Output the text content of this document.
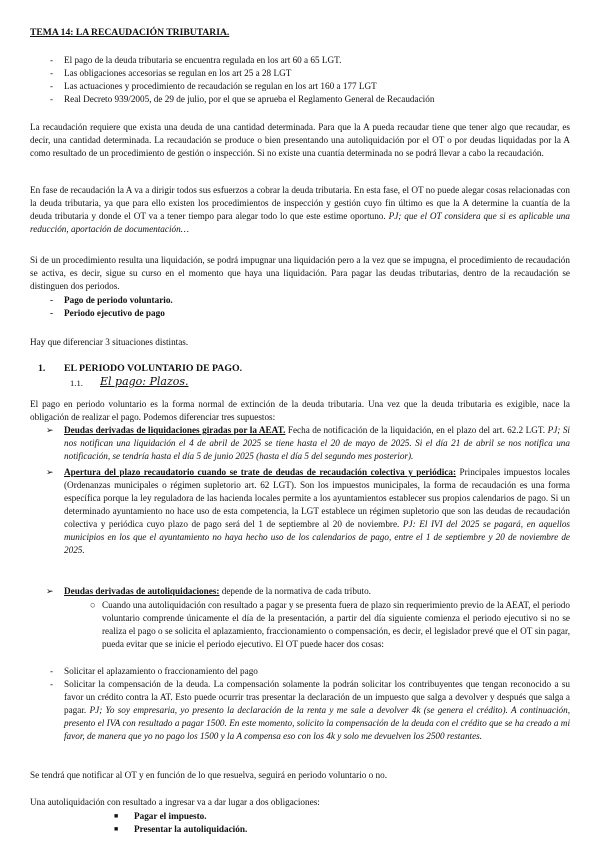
TEMA 14: LA RECAUDACIÓN TRIBUTARIA.
- El pago de la deuda tributaria se encuentra regulada en los art 60 a 65 LGT.
- Las obligaciones accesorias se regulan en los art 25 a 28 LGT
- Las actuaciones y procedimiento de recaudación se regulan en los art 160 a 177 LGT
- Real Decreto 939/2005, de 29 de julio, por el que se aprueba el Reglamento General de Recaudación

La recaudación requiere que exista una deuda de una cantidad determinada. Para que la A pueda recaudar tiene que tener algo que recaudar, es decir, una cantidad determinada. La recaudación se produce o bien presentando una autoliquidación por el OT o por deudas liquidadas por la A como resultado de un procedimiento de gestión o inspección. Si no existe una cuantía determinada no se podrá llevar a cabo la recaudación.

En fase de recaudación la A va a dirigir todos sus esfuerzos a cobrar la deuda tributaria. En esta fase, el OT no puede alegar cosas relacionadas con la deuda tributaria, ya que para ello existen los procedimientos de inspección y gestión cuyo fin último es que la A determine la cuantía de la deuda tributaria y donde el OT va a tener tiempo para alegar todo lo que este estime oportuno. PJ; que el OT considera que si es aplicable una reducción, aportación de documentación…

Si de un procedimiento resulta una liquidación, se podrá impugnar una liquidación pero a la vez que se impugna, el procedimiento de recaudación se activa, es decir, sigue su curso en el momento que haya una liquidación. Para pagar las deudas tributarias, dentro de la recaudación se distinguen dos periodos.

- Pago de periodo voluntario.
- Periodo ejecutivo de pago

Hay que diferenciar 3 situaciones distintas.

1. EL PERIODO VOLUNTARIO DE PAGO.
1.1. El pago: Plazos.

El pago en periodo voluntario es la forma normal de extinción de la deuda tributaria. Una vez que la deuda tributaria es exigible, nace la obligación de realizar el pago. Podemos diferenciar tres supuestos:

➢	Deudas derivadas de liquidaciones giradas por la AEAT. Fecha de notificación de la liquidación, en el plazo del art. 62.2 LGT. PJ; Si nos notifican una liquidación el 4 de abril de 2025 se tiene hasta el 20 de mayo de 2025. Si el día 21 de abril se nos notifica una notificación, se tendría hasta el día 5 de junio 2025 (hasta el día 5 del segundo mes posterior).

➢	Apertura del plazo recaudatorio cuando se trate de deudas de recaudación colectiva y periódica: Principales impuestos locales (Ordenanzas municipales o régimen supletorio art. 62 LGT). Son los impuestos municipales, la forma de recaudación es una forma específica porque la ley reguladora de las hacienda locales permite a los ayuntamientos establecer sus propios calendarios de pago. Si un determinado ayuntamiento no hace uso de esta competencia, la LGT establece un régimen supletorio que son las deudas de recaudación colectiva y periódica cuyo plazo de pago será del 1 de septiembre al 20 de noviembre. PJ: El IVI del 2025 se pagará, en aquellos municipios en los que el ayuntamiento no haya hecho uso de los calendarios de pago, entre el 1 de septiembre y 20 de noviembre de 2025.

➢	Deudas derivadas de autoliquidaciones: depende de la normativa de cada tributo.

○ Cuando una autoliquidación con resultado a pagar y se presenta fuera de plazo sin requerimiento previo de la AEAT, el periodo voluntario comprende únicamente el día de la presentación, a partir del día siguiente comienza el periodo ejecutivo si no se realiza el pago o se solicita el aplazamiento, fraccionamiento o compensación, es decir, el legislador prevé que el OT sin pagar, pueda evitar que se inicie el periodo ejecutivo. El OT puede hacer dos cosas:

-	Solicitar el aplazamiento o fraccionamiento del pago

-	Solicitar la compensación de la deuda. La compensación solamente la podrán solicitar los contribuyentes que tengan reconocido a su favor un crédito contra la AT. Esto puede ocurrir tras presentar la declaración de un impuesto que salga a devolver y después que salga a pagar. PJ; Yo soy empresaria, yo presento la declaración de la renta y me sale a devolver 4k (se genera el crédito). A continuación, presento el IVA con resultado a pagar 1500. En este momento, solicito la compensación de la deuda con el crédito que se ha creado a mi favor, de manera que yo no pago los 1500 y la A compensa eso con los 4k y solo me devuelven los 2500 restantes.

Se tendrá que notificar al OT y en función de lo que resuelva, seguirá en periodo voluntario o no.

Una autoliquidación con resultado a ingresar va a dar lugar a dos obligaciones:

■ Pagar el impuesto.
■ Presentar la autoliquidación.
